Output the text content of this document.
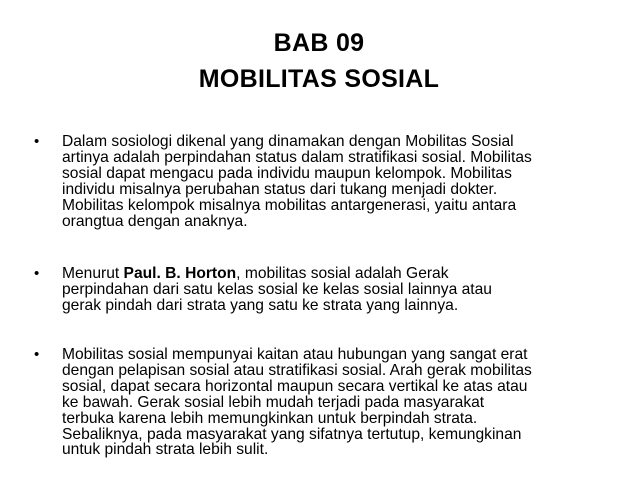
BAB 09
MOBILITAS SOSIAL
• Dalam sosiologi dikenal yang dinamakan dengan Mobilitas Sosial
artinya adalah perpindahan status dalam stratifikasi sosial. Mobilitas
sosial dapat mengacu pada individu maupun kelompok. Mobilitas
individu misalnya perubahan status dari tukang menjadi dokter.
Mobilitas kelompok misalnya mobilitas antargenerasi, yaitu antara
orangtua dengan anaknya.
• Menurut Paul. B. Horton, mobilitas sosial adalah Gerak
perpindahan dari satu kelas sosial ke kelas sosial lainnya atau
gerak pindah dari strata yang satu ke strata yang lainnya.
• Mobilitas sosial mempunyai kaitan atau hubungan yang sangat erat
dengan pelapisan sosial atau stratifikasi sosial. Arah gerak mobilitas
sosial, dapat secara horizontal maupun secara vertikal ke atas atau
ke bawah. Gerak sosial lebih mudah terjadi pada masyarakat
terbuka karena lebih memungkinkan untuk berpindah strata.
Sebaliknya, pada masyarakat yang sifatnya tertutup, kemungkinan
untuk pindah strata lebih sulit.
